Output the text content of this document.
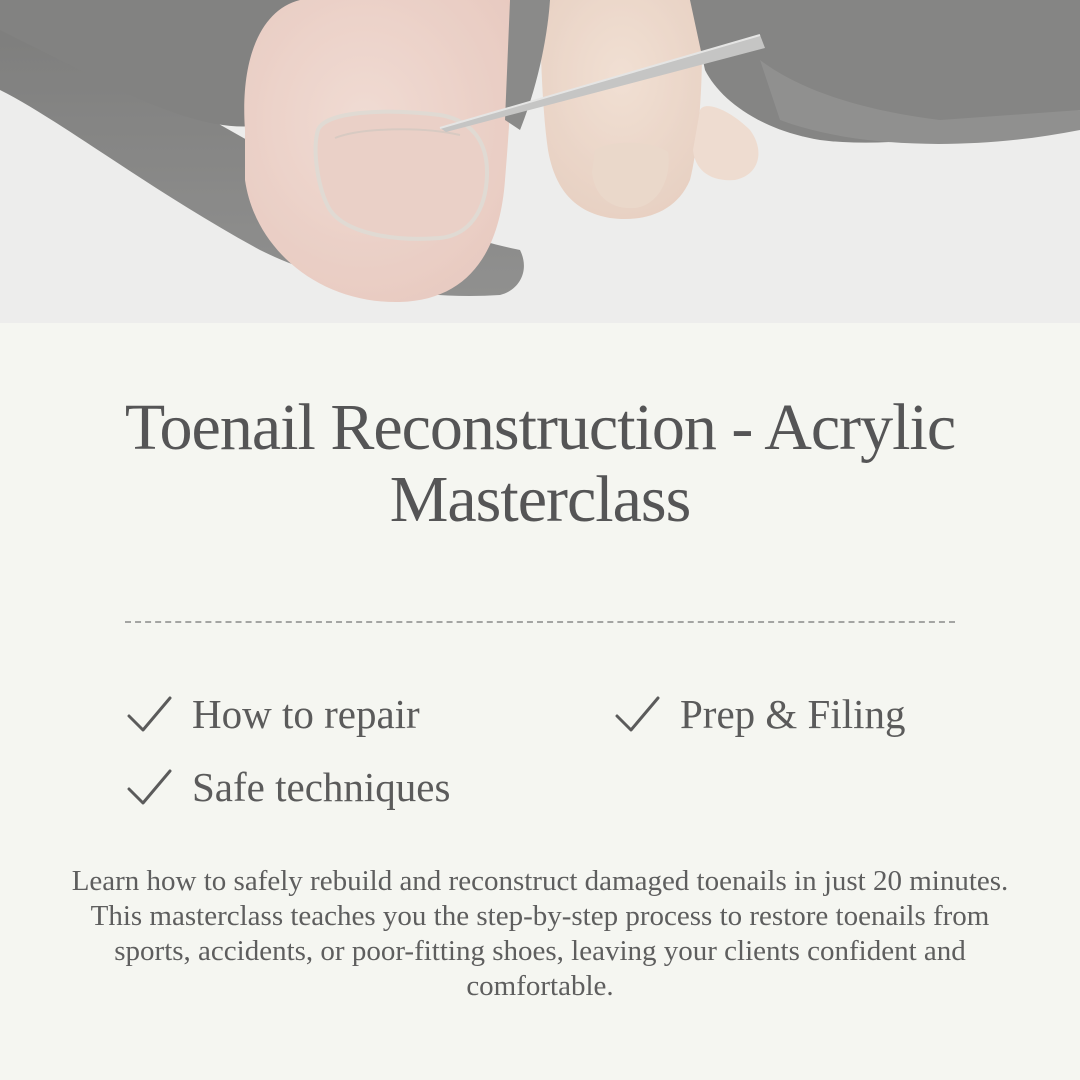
Toenail Reconstruction - Acrylic Masterclass
How to repair	Prep & Filing
Safe techniques

Learn how to safely rebuild and reconstruct damaged toenails in just 20 minutes. This masterclass teaches you the step-by-step process to restore toenails from sports, accidents, or poor-fitting shoes, leaving your clients confident and comfortable.
